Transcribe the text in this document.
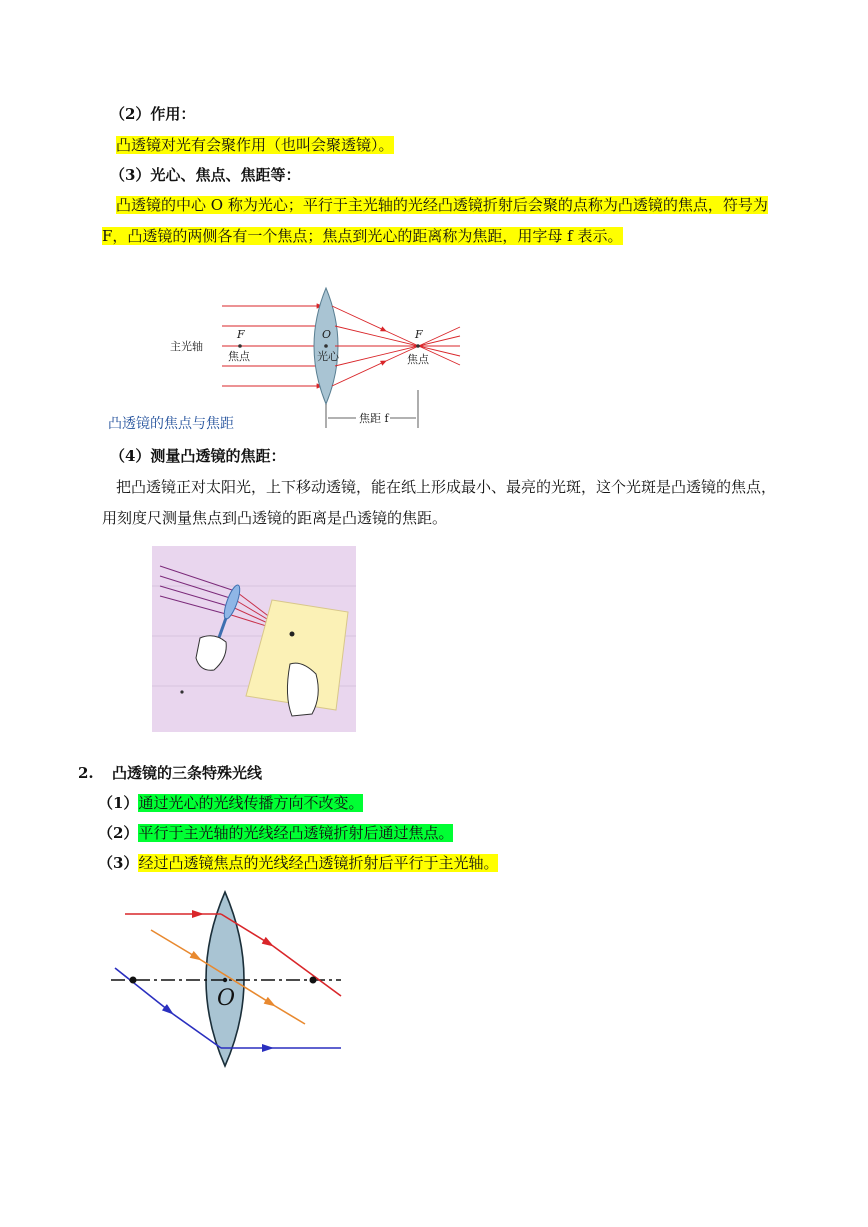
（2）作用：
凸透镜对光有会聚作用（也叫会聚透镜）。
（3）光心、焦点、焦距等：
凸透镜的中心 O 称为光心；平行于主光轴的光经凸透镜折射后会聚的点称为凸透镜的焦点，符号为
F，凸透镜的两侧各有一个焦点；焦点到光心的距离称为焦距，用字母 f 表示。
主光轴
F
焦点
O
光心
F
焦点
焦距 f
凸透镜的焦点与焦距
（4）测量凸透镜的焦距：
把凸透镜正对太阳光，上下移动透镜，能在纸上形成最小、最亮的光斑，这个光斑是凸透镜的焦点，
用刻度尺测量焦点到凸透镜的距离是凸透镜的焦距。
2. 凸透镜的三条特殊光线
（1）通过光心的光线传播方向不改变。
（2）平行于主光轴的光线经凸透镜折射后通过焦点。
（3）经过凸透镜焦点的光线经凸透镜折射后平行于主光轴。
O
